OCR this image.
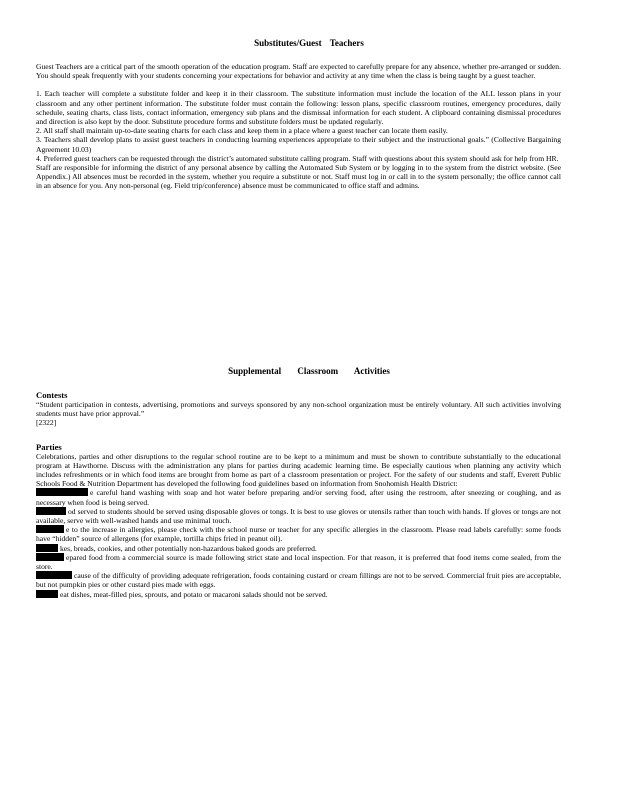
Substitutes/Guest Teachers

Guest Teachers are a critical part of the smooth operation of the education program. Staff are expected to carefully prepare for any absence, whether pre-arranged or sudden. You should speak frequently with your students concerning your expectations for behavior and activity at any time when the class is being taught by a guest teacher.

1. Each teacher will complete a substitute folder and keep it in their classroom. The substitute information must include the location of the ALL lesson plans in your classroom and any other pertinent information. The substitute folder must contain the following: lesson plans, specific classroom routines, emergency procedures, daily schedule, seating charts, class lists, contact information, emergency sub plans and the dismissal information for each student. A clipboard containing dismissal procedures and direction is also kept by the door. Substitute procedure forms and substitute folders must be updated regularly.

2. All staff shall maintain up-to-date seating charts for each class and keep them in a place where a guest teacher can locate them easily.

3. Teachers shall develop plans to assist guest teachers in conducting learning experiences appropriate to their subject and the instructional goals.” (Collective Bargaining Agreement 10.03)

4. Preferred guest teachers can be requested through the district’s automated substitute calling program. Staff with questions about this system should ask for help from HR.

Staff are responsible for informing the district of any personal absence by calling the Automated Sub System or by logging in to the system from the district website. (See Appendix.) All absences must be recorded in the system, whether you require a substitute or not. Staff must log in or call in to the system personally; the office cannot call in an absence for you. Any non-personal (eg. Field trip/conference) absence must be communicated to office staff and admins.

Supplemental Classroom Activities
Contests

“Student participation in contests, advertising, promotions and surveys sponsored by any non-school organization must be entirely voluntary. All such activities involving students must have prior approval.”

[2322]

Parties

Celebrations, parties and other disruptions to the regular school routine are to be kept to a minimum and must be shown to contribute substantially to the educational program at Hawthorne. Discuss with the administration any plans for parties during academic learning time. Be especially cautious when planning any activity which includes refreshments or in which food items are brought from home as part of a classroom presentation or project. For the safety of our students and staff, Everett Public Schools Food & Nutrition Department has developed the following food guidelines based on information from Snohomish Health District:

e careful hand washing with soap and hot water before preparing and/or serving food, after using the restroom, after sneezing or coughing, and as necessary when food is being served.

od served to students should be served using disposable gloves or tongs. It is best to use gloves or utensils rather than touch with hands. If gloves or tongs are not available, serve with well-washed hands and use minimal touch.

e to the increase in allergies, please check with the school nurse or teacher for any specific allergies in the classroom. Please read labels carefully: some foods have “hidden” source of allergens (for example, tortilla chips fried in peanut oil).

kes, breads, cookies, and other potentially non-hazardous baked goods are preferred.

epared food from a commercial source is made following strict state and local inspection. For that reason, it is preferred that food items come sealed, from the store.

cause of the difficulty of providing adequate refrigeration, foods containing custard or cream fillings are not to be served. Commercial fruit pies are acceptable, but not pumpkin pies or other custard pies made with eggs.

eat dishes, meat-filled pies, sprouts, and potato or macaroni salads should not be served.
